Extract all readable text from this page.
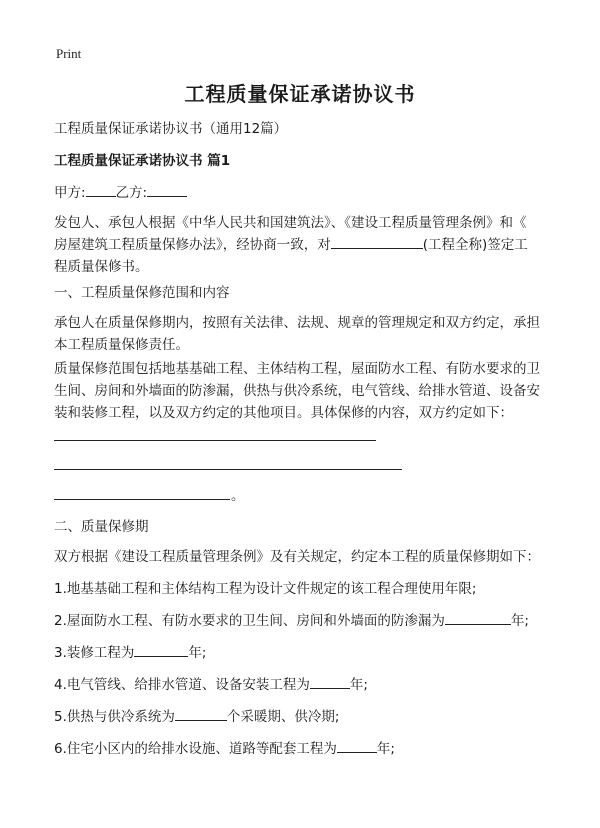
Print
工程质量保证承诺协议书
工程质量保证承诺协议书（通用12篇）
工程质量保证承诺协议书 篇1
甲方: 乙方:
发包人、承包人根据《中华人民共和国建筑法》、《建设工程质量管理条例》和《
房屋建筑工程质量保修办法》，经协商一致，对	(工程全称)签定工
程质量保修书。
一、工程质量保修范围和内容
承包人在质量保修期内，按照有关法律、法规、规章的管理规定和双方约定，承担
本工程质量保修责任。
质量保修范围包括地基基础工程、主体结构工程，屋面防水工程、有防水要求的卫
生间、房间和外墙面的防渗漏，供热与供冷系统，电气管线、给排水管道、设备安
装和装修工程，以及双方约定的其他项目。具体保修的内容，双方约定如下：
。
二、质量保修期
双方根据《建设工程质量管理条例》及有关规定，约定本工程的质量保修期如下：
1.地基基础工程和主体结构工程为设计文件规定的该工程合理使用年限;
2.屋面防水工程、有防水要求的卫生间、房间和外墙面的防渗漏为	年;
3.装修工程为	年;
4.电气管线、给排水管道、设备安装工程为	年;
5.供热与供冷系统为	个采暖期、供冷期;
6.住宅小区内的给排水设施、道路等配套工程为	年;
